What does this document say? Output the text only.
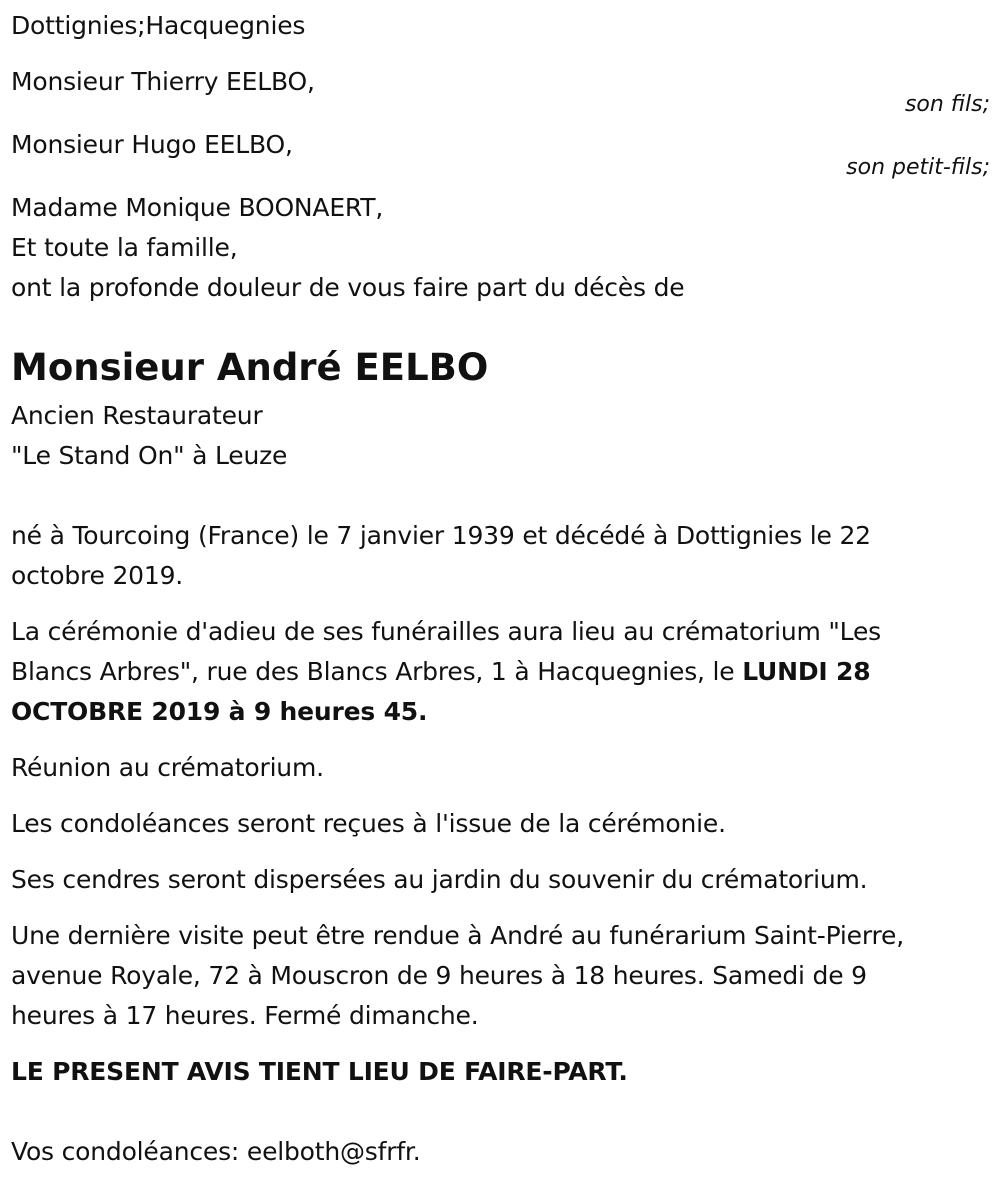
Dottignies;Hacquegnies
Monsieur Thierry EELBO,
son fils;
Monsieur Hugo EELBO,
son petit-fils;
Madame Monique BOONAERT,
Et toute la famille,
ont la profonde douleur de vous faire part du décès de
Monsieur André EELBO
Ancien Restaurateur
"Le Stand On" à Leuze
né à Tourcoing (France) le 7 janvier 1939 et décédé à Dottignies le 22
octobre 2019.
La cérémonie d'adieu de ses funérailles aura lieu au crématorium "Les
Blancs Arbres", rue des Blancs Arbres, 1 à Hacquegnies, le LUNDI 28
OCTOBRE 2019 à 9 heures 45.
Réunion au crématorium.
Les condoléances seront reçues à l'issue de la cérémonie.
Ses cendres seront dispersées au jardin du souvenir du crématorium.
Une dernière visite peut être rendue à André au funérarium Saint-Pierre,
avenue Royale, 72 à Mouscron de 9 heures à 18 heures. Samedi de 9
heures à 17 heures. Fermé dimanche.
LE PRESENT AVIS TIENT LIEU DE FAIRE-PART.
Vos condoléances: eelboth@sfrfr.
